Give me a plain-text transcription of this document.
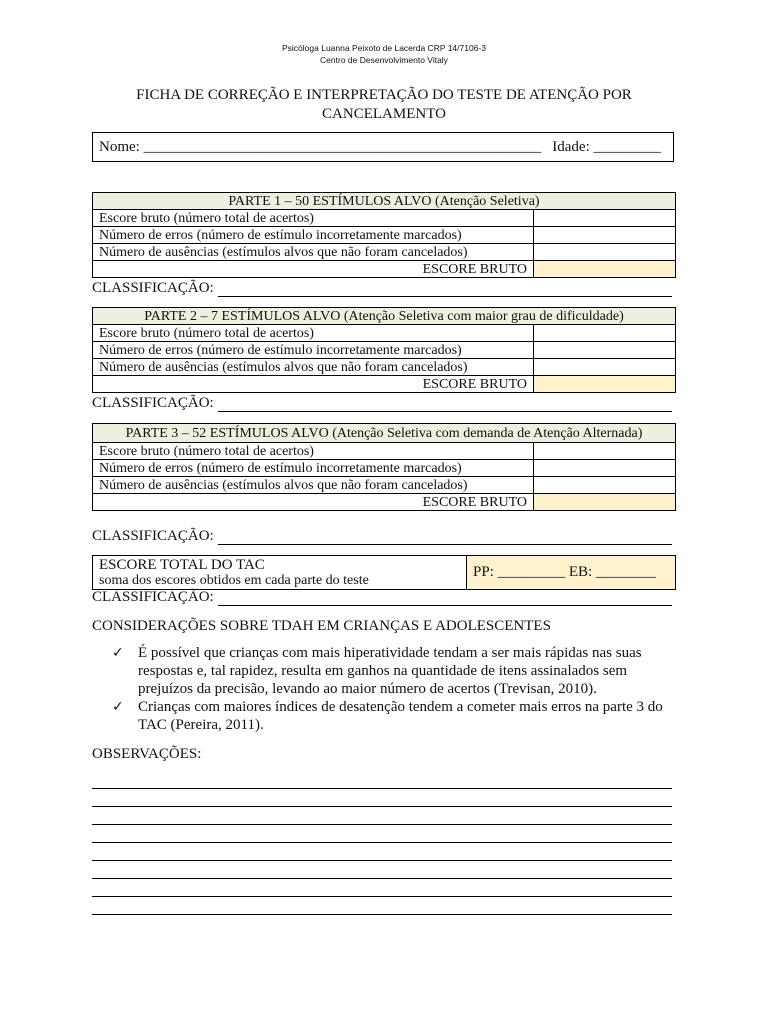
Psicóloga Luanna Peixoto de Lacerda CRP 14/7106-3
Centro de Desenvolvimento Vitaly
FICHA DE CORREÇÃO E INTERPRETAÇÃO DO TESTE DE ATENÇÃO POR
CANCELAMENTO
Nome: _____________________________________________________ Idade: _________
PARTE 1 – 50 ESTÍMULOS ALVO (Atenção Seletiva)	
Escore bruto (número total de acertos)	
Número de erros (número de estímulo incorretamente marcados)	
Número de ausências (estímulos alvos que não foram cancelados)	
ESCORE BRUTO	
CLASSIFICAÇÃO:
PARTE 2 – 7 ESTÍMULOS ALVO (Atenção Seletiva com maior grau de dificuldade)	
Escore bruto (número total de acertos)	
Número de erros (número de estímulo incorretamente marcados)	
Número de ausências (estímulos alvos que não foram cancelados)	
ESCORE BRUTO	
CLASSIFICAÇÃO:
PARTE 3 – 52 ESTÍMULOS ALVO (Atenção Seletiva com demanda de Atenção Alternada)	
Escore bruto (número total de acertos)	
Número de erros (número de estímulo incorretamente marcados)	
Número de ausências (estímulos alvos que não foram cancelados)	
ESCORE BRUTO	
CLASSIFICAÇÃO:
ESCORE TOTAL DO TAC
soma dos escores obtidos em cada parte do teste
PP: _________ EB: ________
CLASSIFICAÇÃO:
CONSIDERAÇÕES SOBRE TDAH EM CRIANÇAS E ADOLESCENTES
✓ É possível que crianças com mais hiperatividade tendam a ser mais rápidas nas suas respostas e, tal rapidez, resulta em ganhos na quantidade de itens assinalados sem prejuízos da precisão, levando ao maior número de acertos (Trevisan, 2010).
✓ Crianças com maiores índices de desatenção tendem a cometer mais erros na parte 3 do TAC (Pereira, 2011).
OBSERVAÇÕES:
